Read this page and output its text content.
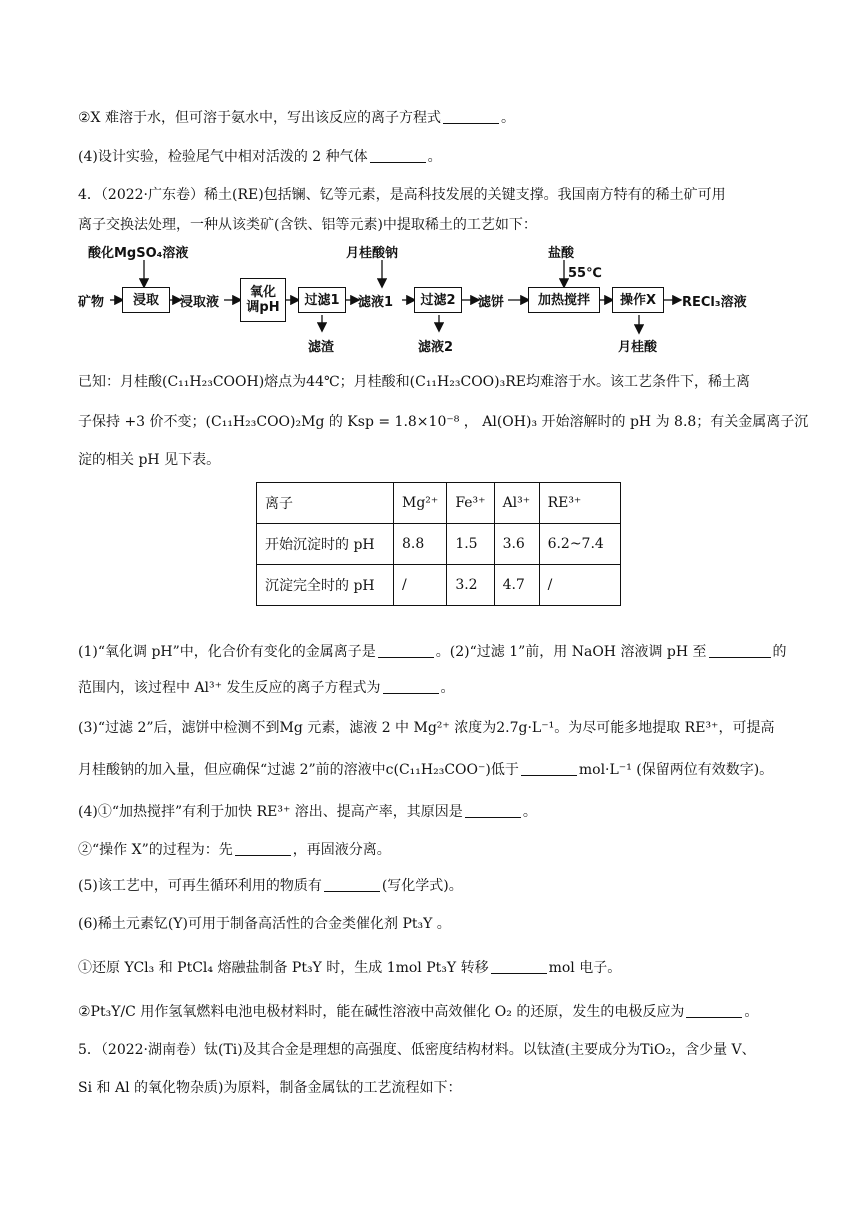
②X 难溶于水，但可溶于氨水中，写出该反应的离子方程式	。
(4)设计实验，检验尾气中相对活泼的 2 种气体	。
4．（2022·广东卷）稀土(RE)包括镧、钇等元素，是高科技发展的关键支撑。我国南方特有的稀土矿可用
离子交换法处理，一种从该类矿(含铁、铝等元素)中提取稀土的工艺如下：
酸化MgSO₄溶液	月桂酸钠	盐酸
55℃
矿物	浸取	浸取液
氧化
调pH	过滤1	滤液1	过滤2	滤饼	加热搅拌	操作X	RECl₃溶液
滤渣	滤液2	月桂酸
已知：月桂酸(C₁₁H₂₃COOH)熔点为44℃；月桂酸和(C₁₁H₂₃COO)₃RE均难溶于水。该工艺条件下，稀土离
子保持 +3 价不变；(C₁₁H₂₃COO)₂Mg 的 Ksp = 1.8×10⁻⁸ ， Al(OH)₃ 开始溶解时的 pH 为 8.8；有关金属离子沉
淀的相关 pH 见下表。
离子	Mg²⁺	Fe³⁺	Al³⁺	RE³⁺
开始沉淀时的 pH	8.8	1.5	3.6	6.2~7.4
沉淀完全时的 pH	/	3.2	4.7	/
(1)“氧化调 pH”中，化合价有变化的金属离子是	。(2)“过滤 1”前，用 NaOH 溶液调 pH 至	的
范围内，该过程中 Al³⁺ 发生反应的离子方程式为	。
(3)“过滤 2”后，滤饼中检测不到Mg 元素，滤液 2 中 Mg²⁺ 浓度为2.7g·L⁻¹。为尽可能多地提取 RE³⁺，可提高
月桂酸钠的加入量，但应确保“过滤 2”前的溶液中c(C₁₁H₂₃COO⁻)低于	mol·L⁻¹ (保留两位有效数字)。
(4)①“加热搅拌”有利于加快 RE³⁺ 溶出、提高产率，其原因是	。
②“操作 X”的过程为：先	，再固液分离。
(5)该工艺中，可再生循环利用的物质有	(写化学式)。
(6)稀土元素钇(Y)可用于制备高活性的合金类催化剂 Pt₃Y 。
①还原 YCl₃ 和 PtCl₄ 熔融盐制备 Pt₃Y 时，生成 1mol Pt₃Y 转移	mol 电子。
②Pt₃Y/C 用作氢氧燃料电池电极材料时，能在碱性溶液中高效催化 O₂ 的还原，发生的电极反应为	。
5．（2022·湖南卷）钛(Ti)及其合金是理想的高强度、低密度结构材料。以钛渣(主要成分为TiO₂，含少量 V、
Si 和 Al 的氧化物杂质)为原料，制备金属钛的工艺流程如下：
